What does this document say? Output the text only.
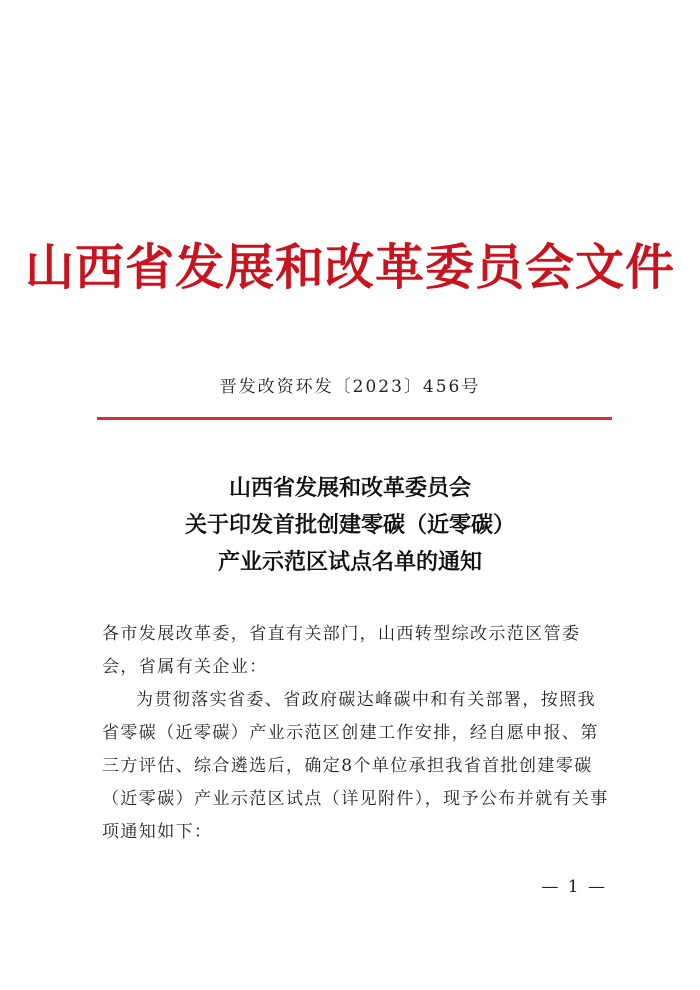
山西省发展和改革委员会文件
晋发改资环发〔2023〕456号
山西省发展和改革委员会
关于印发首批创建零碳（近零碳）
产业示范区试点名单的通知

各市发展改革委，省直有关部门，山西转型综改示范区管委会，省属有关企业：

为贯彻落实省委、省政府碳达峰碳中和有关部署，按照我省零碳（近零碳）产业示范区创建工作安排，经自愿申报、第三方评估、综合遴选后，确定8个单位承担我省首批创建零碳（近零碳）产业示范区试点（详见附件），现予公布并就有关事项通知如下：

— 1 —
